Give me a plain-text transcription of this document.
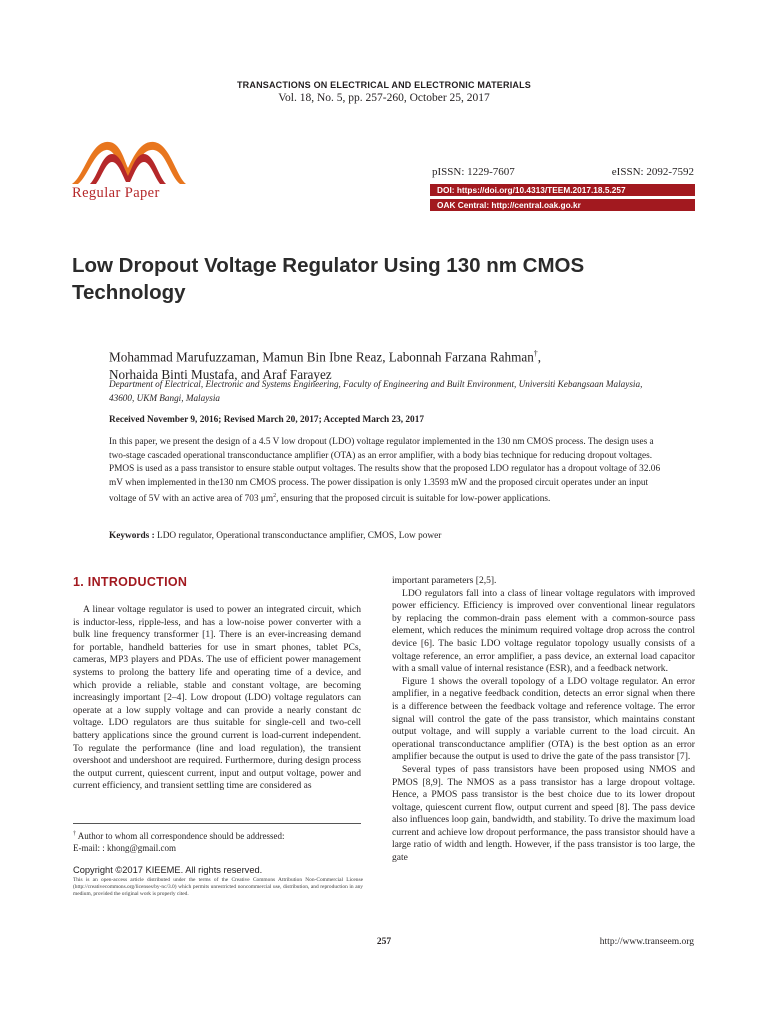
TRANSACTIONS ON ELECTRICAL AND ELECTRONIC MATERIALS
Vol. 18, No. 5, pp. 257-260, October 25, 2017
Regular Paper
pISSN: 1229-7607	eISSN: 2092-7592
DOI: https://doi.org/10.4313/TEEM.2017.18.5.257
OAK Central: http://central.oak.go.kr
Low Dropout Voltage Regulator Using 130 nm CMOS Technology
Mohammad Marufuzzaman, Mamun Bin Ibne Reaz, Labonnah Farzana Rahman†,
Norhaida Binti Mustafa, and Araf Farayez
Department of Electrical, Electronic and Systems Engineering, Faculty of Engineering and Built Environment, Universiti Kebangsaan Malaysia, 43600, UKM Bangi, Malaysia
Received November 9, 2016; Revised March 20, 2017; Accepted March 23, 2017
In this paper, we present the design of a 4.5 V low dropout (LDO) voltage regulator implemented in the 130 nm CMOS process. The design uses a two-stage cascaded operational transconductance amplifier (OTA) as an error amplifier, with a body bias technique for reducing dropout voltages. PMOS is used as a pass transistor to ensure stable output voltages. The results show that the proposed LDO regulator has a dropout voltage of 32.06 mV when implemented in the130 nm CMOS process. The power dissipation is only 1.3593 mW and the proposed circuit operates under an input voltage of 5V with an active area of 703 $\mu m^2$, ensuring that the proposed circuit is suitable for low-power applications.
Keywords : LDO regulator, Operational transconductance amplifier, CMOS, Low power
1. INTRODUCTION

A linear voltage regulator is used to power an integrated circuit, which is inductor-less, ripple-less, and has a low-noise power converter with a bulk line frequency transformer [1]. There is an ever-increasing demand for portable, handheld batteries for use in smart phones, tablet PCs, cameras, MP3 players and PDAs. The use of efficient power management systems to prolong the battery life and operating time of a device, and which provide a reliable, stable and constant voltage, are becoming increasingly important [2–4]. Low dropout (LDO) voltage regulators can operate at a low supply voltage and can provide a nearly constant dc voltage. LDO regulators are thus suitable for single-cell and two-cell battery applications since the ground current is load-current independent. To regulate the performance (line and load regulation), the transient overshoot and undershoot are required. Furthermore, during design process the output current, quiescent current, input and output voltage, power and current efficiency, and transient settling time are considered as

important parameters [2,5].

LDO regulators fall into a class of linear voltage regulators with improved power efficiency. Efficiency is improved over conventional linear regulators by replacing the common-drain pass element with a common-source pass element, which reduces the minimum required voltage drop across the control device [6]. The basic LDO voltage regulator topology usually consists of a voltage reference, an error amplifier, a pass device, an external load capacitor with a small value of internal resistance (ESR), and a feedback network.

Figure 1 shows the overall topology of a LDO voltage regulator. An error amplifier, in a negative feedback condition, detects an error signal when there is a difference between the feedback voltage and reference voltage. The error signal will control the gate of the pass transistor, which maintains constant output voltage, and will supply a variable current to the load circuit. An operational transconductance amplifier (OTA) is the best option as an error amplifier because the output is used to drive the gate of the pass transistor [7].

Several types of pass transistors have been proposed using NMOS and PMOS [8,9]. The NMOS as a pass transistor has a large dropout voltage. Hence, a PMOS pass transistor is the best choice due to its lower dropout voltage, quiescent current flow, output current and speed [8]. The pass device also influences loop gain, bandwidth, and stability. To drive the maximum load current and achieve low dropout performance, the pass transistor should have a large ratio of width and length. However, if the pass transistor is too large, the gate

† Author to whom all correspondence should be addressed:
E-mail: : khong@gmail.com
Copyright ©2017 KIEEME. All rights reserved.
This is an open-access article distributed under the terms of the Creative Commons Attribution Non-Commercial License (http://creativecommons.org/licenses/by-nc/3.0) which permits unrestricted noncommercial use, distribution, and reproduction in any medium, provided the original work is properly cited.
257	http://www.transeem.org
